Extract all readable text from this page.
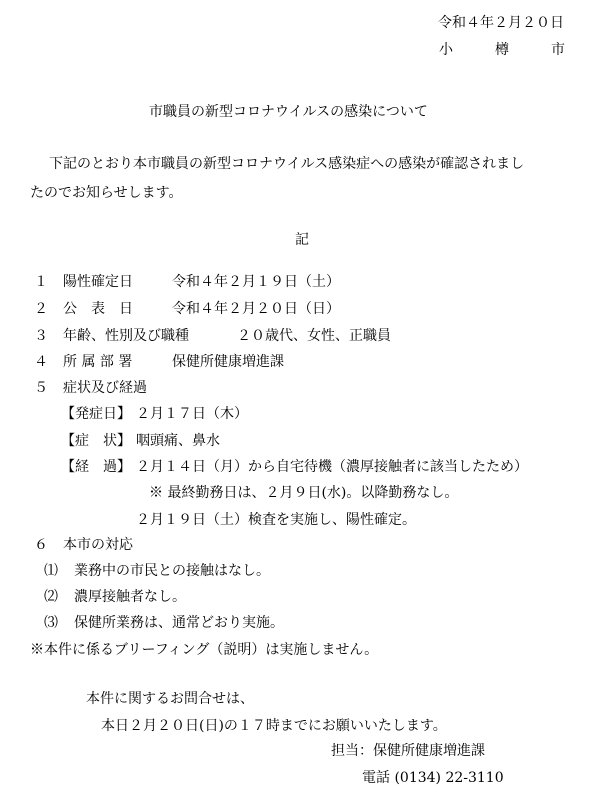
令和４年２月２０日
小	樽	市
市職員の新型コロナウイルスの感染について
下記のとおり本市職員の新型コロナウイルス感染症への感染が確認されまし
たのでお知らせします。
記
１ 陽性確定日	令和４年２月１９日（土）
２ 公　表　日	令和４年２月２０日（日）
３ 年齢、性別及び職種	２０歳代、女性、正職員
４ 所 属 部 署	保健所健康増進課
５ 症状及び経過
【発症日】 ２月１７日（木）
【症　状】 咽頭痛、鼻水
【経　過】 ２月１４日（月）から自宅待機（濃厚接触者に該当したため）
※ 最終勤務日は、２月９日(水)。以降勤務なし。
２月１９日（土）検査を実施し、陽性確定。
６ 本市の対応
⑴ 業務中の市民との接触はなし。
⑵ 濃厚接触者なし。
⑶ 保健所業務は、通常どおり実施。
※本件に係るブリーフィング（説明）は実施しません。
本件に関するお問合せは、
本日２月２０日(日)の１７時までにお願いいたします。
担当：保健所健康増進課
電話 (0134) 22-3110
